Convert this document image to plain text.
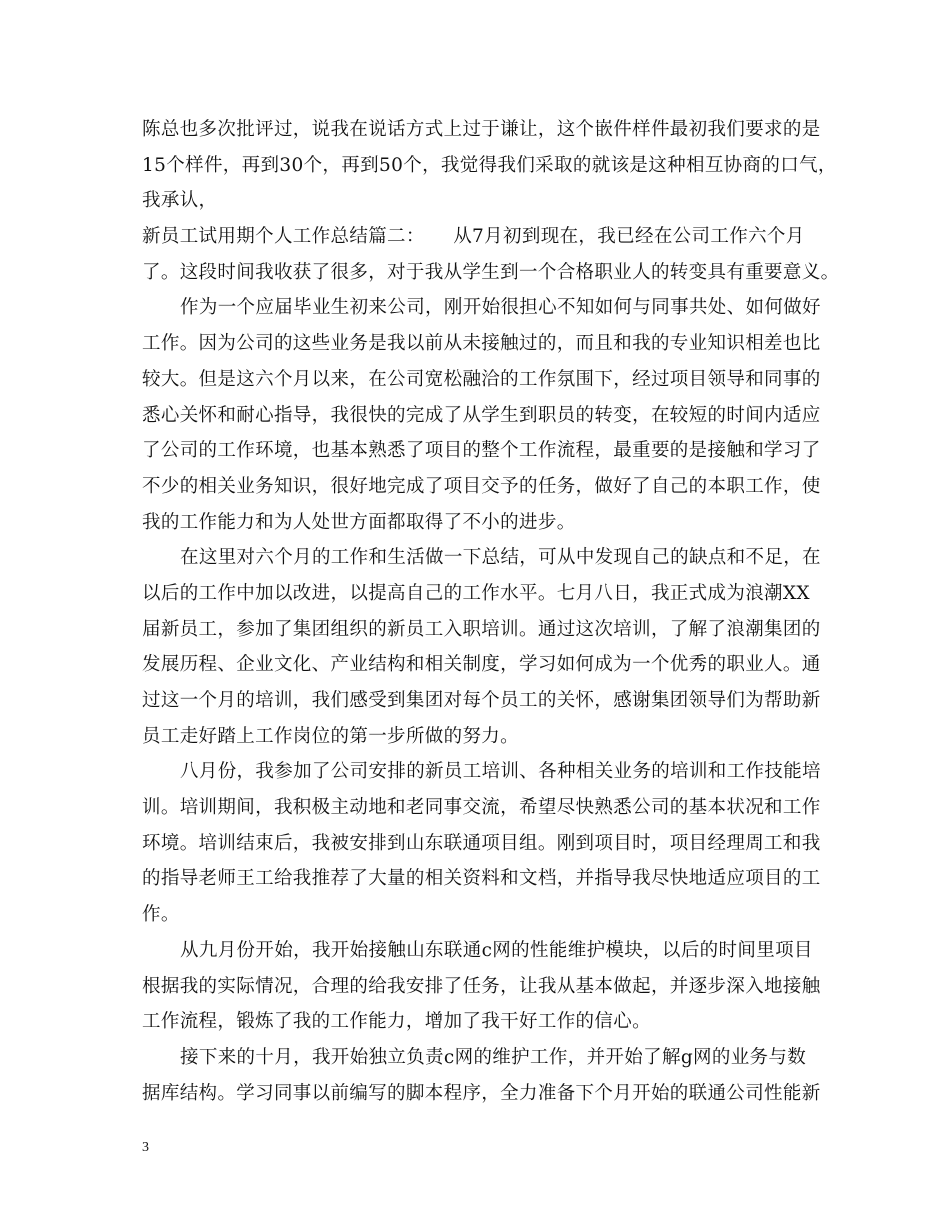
陈总也多次批评过，说我在说话方式上过于谦让，这个嵌件样件最初我们要求的是
15个样件，再到30个，再到50个，我觉得我们采取的就该是这种相互协商的口气，
我承认，
新员工试用期个人工作总结篇二：　　从7月初到现在，我已经在公司工作六个月
了。这段时间我收获了很多，对于我从学生到一个合格职业人的转变具有重要意义。
作为一个应届毕业生初来公司，刚开始很担心不知如何与同事共处、如何做好
工作。因为公司的这些业务是我以前从未接触过的，而且和我的专业知识相差也比
较大。但是这六个月以来，在公司宽松融洽的工作氛围下，经过项目领导和同事的
悉心关怀和耐心指导，我很快的完成了从学生到职员的转变，在较短的时间内适应
了公司的工作环境，也基本熟悉了项目的整个工作流程，最重要的是接触和学习了
不少的相关业务知识，很好地完成了项目交予的任务，做好了自己的本职工作，使
我的工作能力和为人处世方面都取得了不小的进步。
在这里对六个月的工作和生活做一下总结，可从中发现自己的缺点和不足，在
以后的工作中加以改进，以提高自己的工作水平。七月八日，我正式成为浪潮XX
届新员工，参加了集团组织的新员工入职培训。通过这次培训，了解了浪潮集团的
发展历程、企业文化、产业结构和相关制度，学习如何成为一个优秀的职业人。通
过这一个月的培训，我们感受到集团对每个员工的关怀，感谢集团领导们为帮助新
员工走好踏上工作岗位的第一步所做的努力。
八月份，我参加了公司安排的新员工培训、各种相关业务的培训和工作技能培
训。培训期间，我积极主动地和老同事交流，希望尽快熟悉公司的基本状况和工作
环境。培训结束后，我被安排到山东联通项目组。刚到项目时，项目经理周工和我
的指导老师王工给我推荐了大量的相关资料和文档，并指导我尽快地适应项目的工
作。
从九月份开始，我开始接触山东联通c网的性能维护模块，以后的时间里项目
根据我的实际情况，合理的给我安排了任务，让我从基本做起，并逐步深入地接触
工作流程，锻炼了我的工作能力，增加了我干好工作的信心。
接下来的十月，我开始独立负责c网的维护工作，并开始了解g网的业务与数
据库结构。学习同事以前编写的脚本程序，全力准备下个月开始的联通公司性能新
3
